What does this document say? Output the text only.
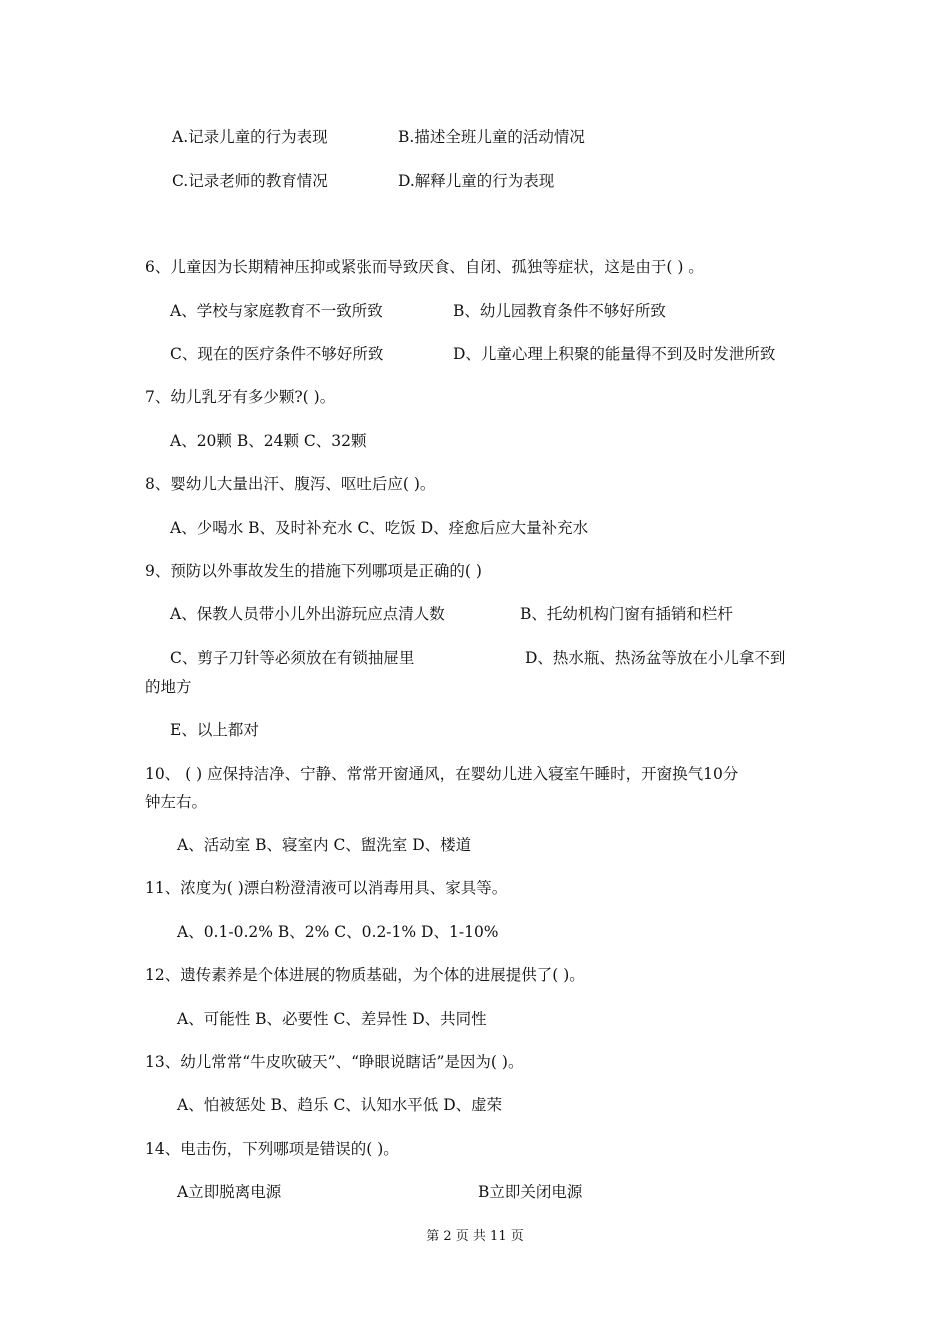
A.记录儿童的行为表现	B.描述全班儿童的活动情况
C.记录老师的教育情况	D.解释儿童的行为表现
6、儿童因为长期精神压抑或紧张而导致厌食、自闭、孤独等症状，这是由于( ) 。
A、学校与家庭教育不一致所致	B、幼儿园教育条件不够好所致
C、现在的医疗条件不够好所致	D、儿童心理上积聚的能量得不到及时发泄所致
7、幼儿乳牙有多少颗?( )。
A、20颗 B、24颗 C、32颗
8、婴幼儿大量出汗、腹泻、呕吐后应( )。
A、少喝水 B、及时补充水 C、吃饭 D、痊愈后应大量补充水
9、预防以外事故发生的措施下列哪项是正确的( )
A、保教人员带小儿外出游玩应点清人数	B、托幼机构门窗有插销和栏杆
C、剪子刀针等必须放在有锁抽屉里	D、热水瓶、热汤盆等放在小儿拿不到
的地方
E、以上都对
10、 ( ) 应保持洁净、宁静、常常开窗通风，在婴幼儿进入寝室午睡时，开窗换气10分
钟左右。
A、活动室 B、寝室内 C、盥洗室 D、楼道
11、浓度为( )漂白粉澄清液可以消毒用具、家具等。
A、0.1-0.2% B、2% C、0.2-1% D、1-10%
12、遗传素养是个体进展的物质基础，为个体的进展提供了( )。
A、可能性 B、必要性 C、差异性 D、共同性
13、幼儿常常“牛皮吹破天”、“睁眼说瞎话”是因为( )。
A、怕被惩处 B、趋乐 C、认知水平低 D、虚荣
14、电击伤，下列哪项是错误的( )。
A立即脱离电源	B立即关闭电源
第 2 页 共 11 页
